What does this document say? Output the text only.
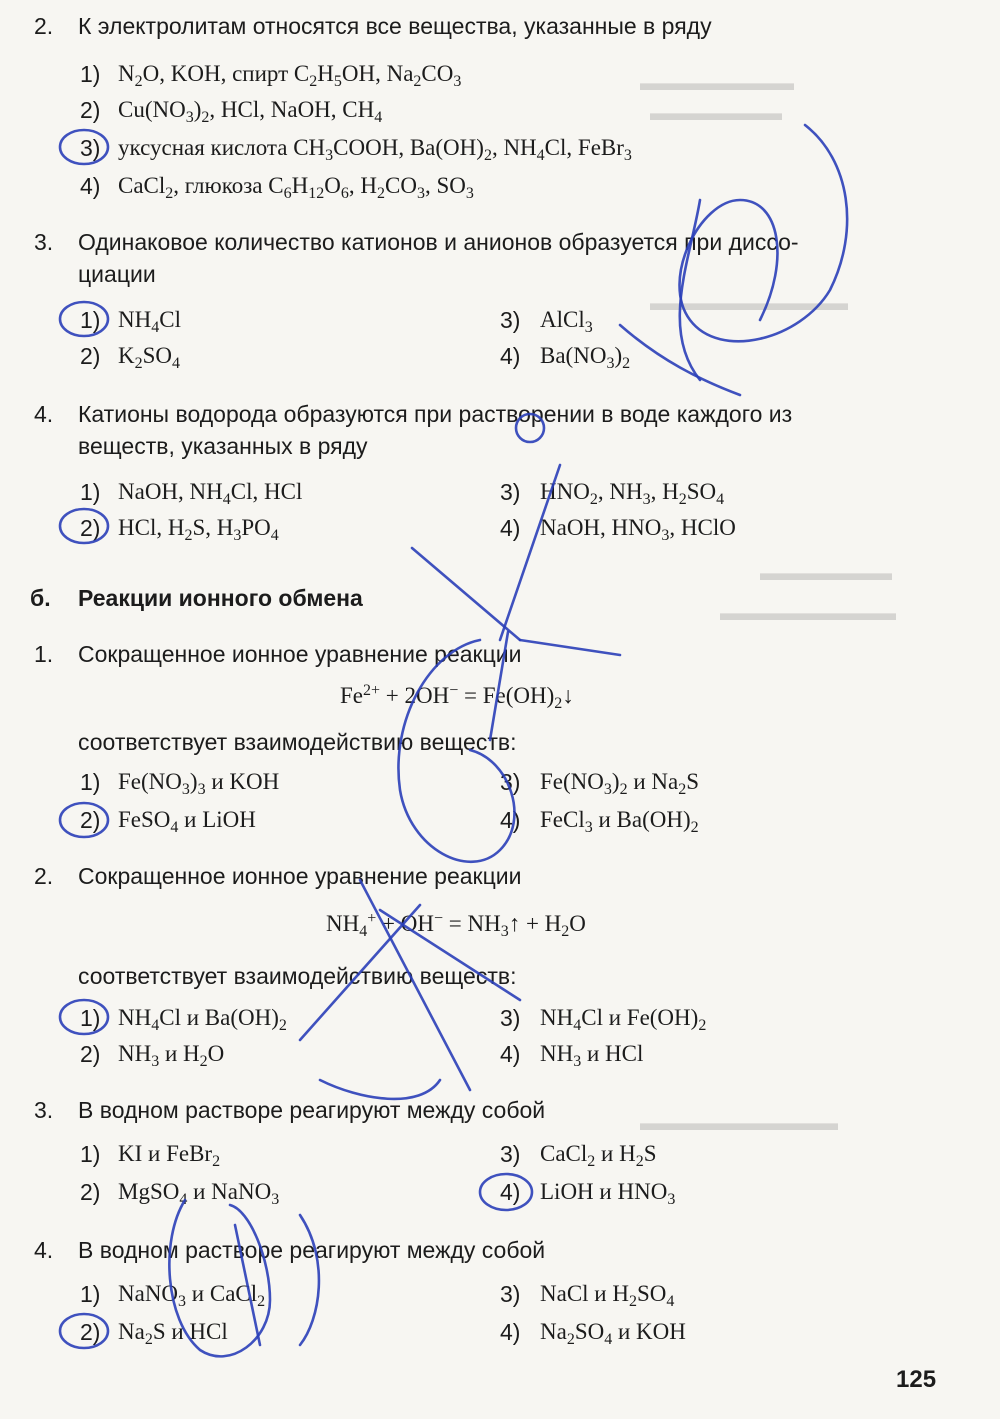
▬▬▬▬▬▬▬
▬▬▬▬▬▬
▬▬▬▬▬▬▬▬▬
▬▬▬▬▬▬
▬▬▬▬▬▬▬▬
▬▬▬▬▬▬▬▬▬
2. К электролитам относятся все вещества, указанные в ряду
1) $N_2O$, KOH, спирт $C_2H_5OH$, $Na_2CO_3$
2) $Cu(NO_3)_2$, HCl, NaOH, $CH_4$
3) уксусная кислота $CH_3COOH$, $Ba(OH)_2$, $NH_4Cl$, FeBr$_3$
4) CaCl$_2$, глюкоза $C_6H_{12}O_6$, $H_2CO_3$, $SO_3$
3. Одинаковое количество катионов и анионов образуется при диссо-
циации
1) $NH_4Cl$	3) AlCl$_3$
2) $K_2SO_4$	4) $Ba(NO_3)_2$
4. Катионы водорода образуются при растворении в воде каждого из
веществ, указанных в ряду
1) NaOH, $NH_4Cl$, HCl	3) $HNO_2$, $NH_3$, $H_2SO_4$
2) HCl, $H_2S$, $H_3PO_4$	4) NaOH, $HNO_3$, HClO
б. Реакции ионного обмена
1. Сокращенное ионное уравнение реакции
$Fe^{2+} + 2OH^-$ = $Fe(OH)_2↓$
соответствует взаимодействию веществ:
1) $Fe(NO_3)_3$ и KOH	3) $Fe(NO_3)_2$ и $Na_2S$
2) FeSO$_4$ и LiOH	4) FeCl$_3$ и $Ba(OH)_2$
2. Сокращенное ионное уравнение реакции
$NH_4^+ + OH^-$ = $NH_3↑ + H_2O$
соответствует взаимодействию веществ:
1) $NH_4Cl$ и $Ba(OH)_2$	3) $NH_4Cl$ и $Fe(OH)_2$
2) $NH_3$ и $H_2O$	4) $NH_3$ и HCl
3. В водном растворе реагируют между собой
1) KI и FeBr$_2$	3) CaCl$_2$ и $H_2S$
2) MgSO$_4$ и NaNO$_3$	4) LiOH и $HNO_3$
4. В водном растворе реагируют между собой
1) NaNO$_3$ и CaCl$_2$	3) NaCl и $H_2SO_4$
2) $Na_2S$ и HCl	4) $Na_2SO_4$ и KOH
125
